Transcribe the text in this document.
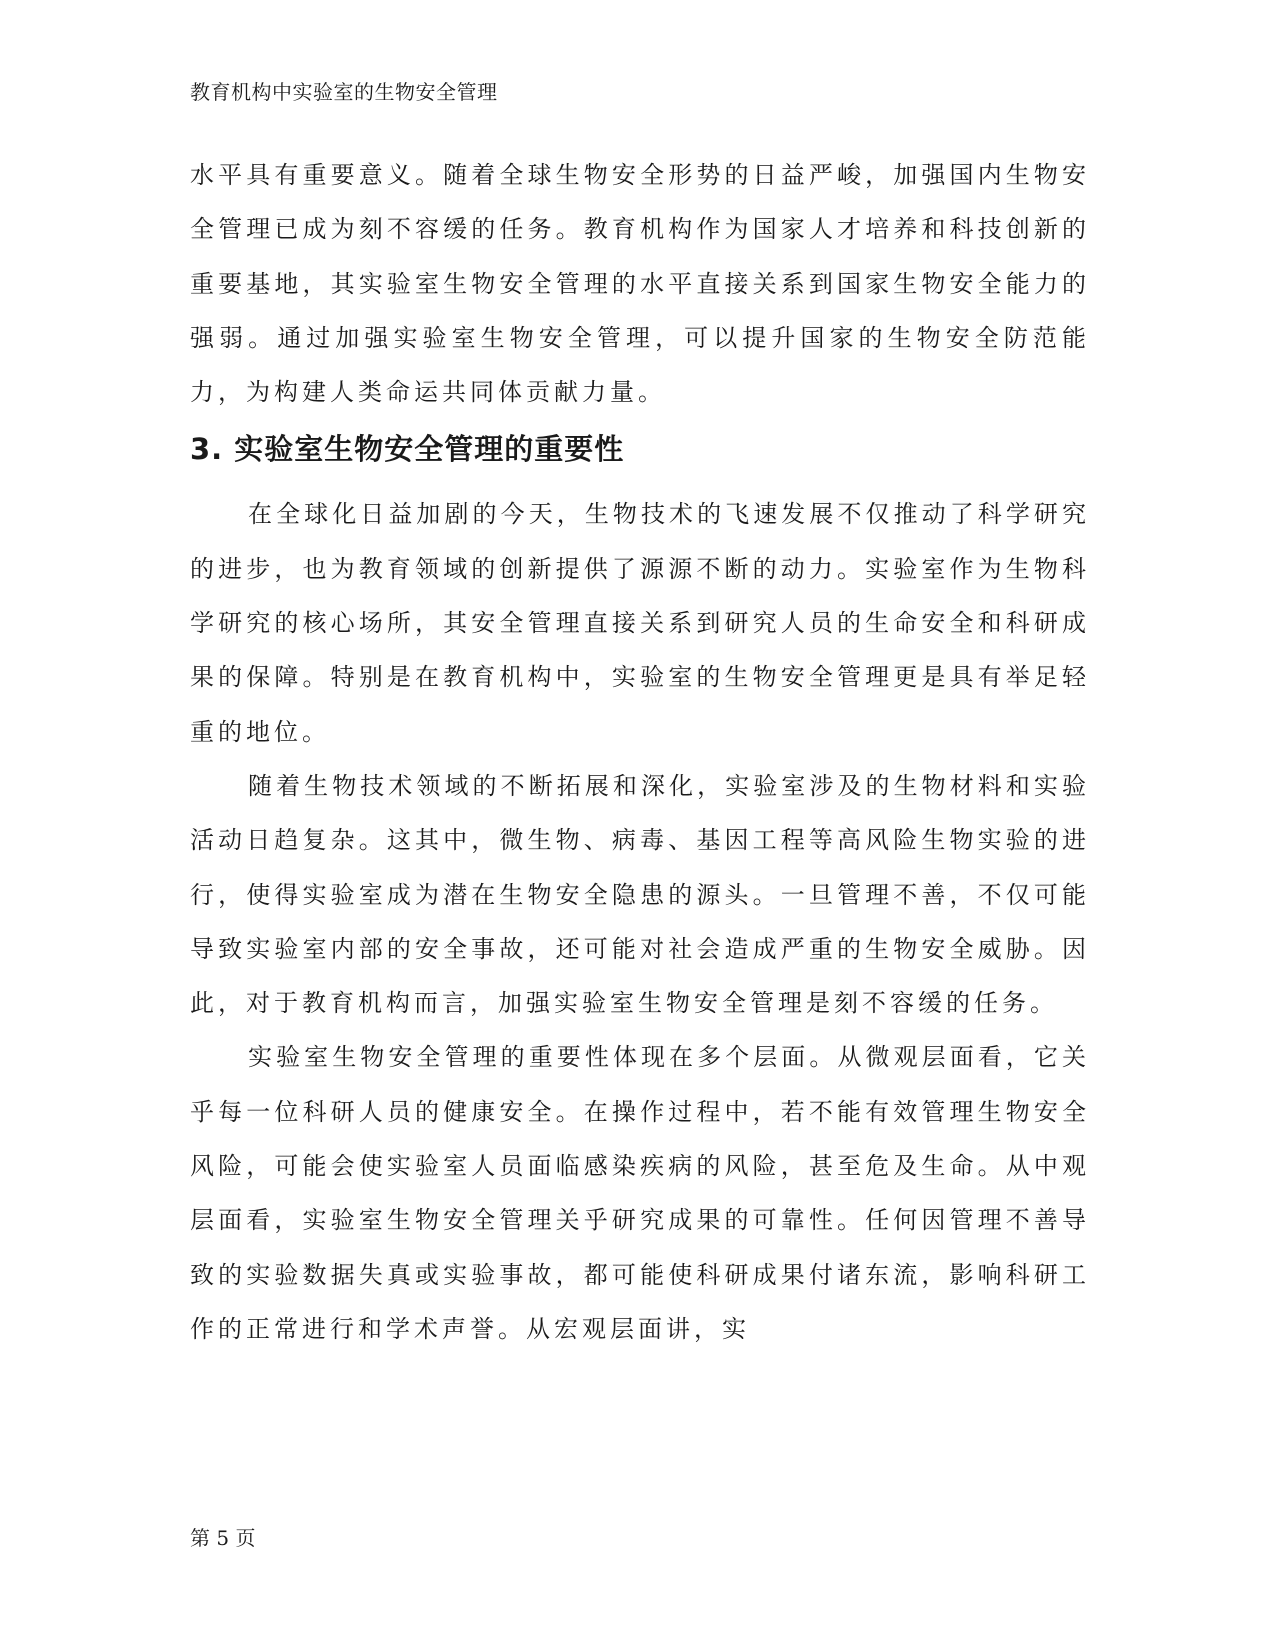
教育机构中实验室的生物安全管理

水平具有重要意义。随着全球生物安全形势的日益严峻，加强国内生物安全管理已成为刻不容缓的任务。教育机构作为国家人才培养和科技创新的重要基地，其实验室生物安全管理的水平直接关系到国家生物安全能力的强弱。通过加强实验室生物安全管理，可以提升国家的生物安全防范能力，为构建人类命运共同体贡献力量。

3. 实验室生物安全管理的重要性

在全球化日益加剧的今天，生物技术的飞速发展不仅推动了科学研究的进步，也为教育领域的创新提供了源源不断的动力。实验室作为生物科学研究的核心场所，其安全管理直接关系到研究人员的生命安全和科研成果的保障。特别是在教育机构中，实验室的生物安全管理更是具有举足轻重的地位。

随着生物技术领域的不断拓展和深化，实验室涉及的生物材料和实验活动日趋复杂。这其中，微生物、病毒、基因工程等高风险生物实验的进行，使得实验室成为潜在生物安全隐患的源头。一旦管理不善，不仅可能导致实验室内部的安全事故，还可能对社会造成严重的生物安全威胁。因此，对于教育机构而言，加强实验室生物安全管理是刻不容缓的任务。

实验室生物安全管理的重要性体现在多个层面。从微观层面看，它关乎每一位科研人员的健康安全。在操作过程中，若不能有效管理生物安全风险，可能会使实验室人员面临感染疾病的风险，甚至危及生命。从中观层面看，实验室生物安全管理关乎研究成果的可靠性。任何因管理不善导致的实验数据失真或实验事故，都可能使科研成果付诸东流，影响科研工作的正常进行和学术声誉。从宏观层面讲，实

第 5 页
